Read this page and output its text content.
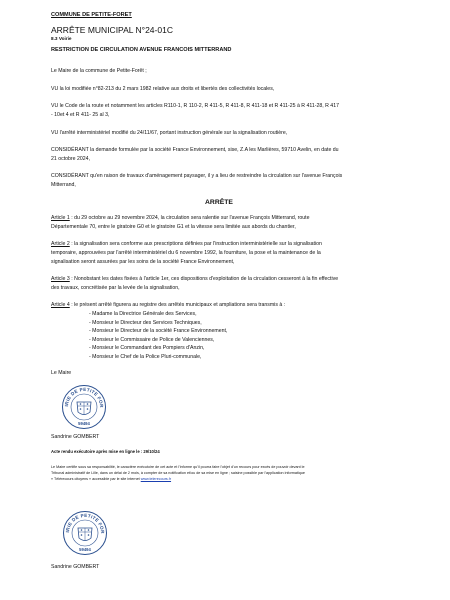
COMMUNE DE PETITE-FORET
ARRÊTE MUNICIPAL N°24-01C
8.3 Voirie
RESTRICTION DE CIRCULATION AVENUE FRANCOIS MITTERRAND
Le Maire de la commune de Petite-Forêt ;
VU la loi modifiée n°82-213 du 2 mars 1982 relative aux droits et libertés des collectivités locales,
VU le Code de la route et notamment les articles R110-1, R 110-2, R 411-5, R 411-8, R 411-18 et R 411-25 à R 411-28, R 417
- 10et 4 et R 411- 25 al 3,
VU l'arrêté interministériel modifié du 24/11/67, portant instruction générale sur la signalisation routière,
CONSIDÉRANT la demande formulée par la société France Environnement, sise, Z.A les Marlières, 59710 Avelin, en date du
21 octobre 2024,
CONSIDÉRANT qu'en raison de travaux d'aménagement paysager, il y a lieu de restreindre la circulation sur l'avenue François
Mitterrand,
ARRÊTE
Article 1 : du 29 octobre au 29 novembre 2024, la circulation sera ralentie sur l'avenue François Mitterrand, route
Départementale 70, entre le giratoire G0 et le giratoire G1 et la vitesse sera limitée aux abords du chantier,
Article 2 : la signalisation sera conforme aux prescriptions définies par l'instruction interministérielle sur la signalisation
temporaire, approuvées par l'arrêté interministériel du 6 novembre 1992, la fourniture, la pose et la maintenance de la
signalisation seront assurées par les soins de la société France Environnement,
Article 3 : Nonobstant les dates fixées à l'article 1er, ces dispositions d'exploitation de la circulation cesseront à la fin effective
des travaux, concrétisée par la levée de la signalisation,
Article 4 : le présent arrêté figurera au registre des arrêtés municipaux et ampliations sera transmis à :
- Madame la Directrice Générale des Services,
- Monsieur le Directeur des Services Techniques,
- Monsieur le Directeur de la société France Environnement,
- Monsieur le Commissaire de Police de Valenciennes,
- Monsieur le Commandant des Pompiers d'Anzin,
- Monsieur le Chef de la Police Pluri-communale,
Le Maire
IRIE DE PETITE FOR
59494
Sandrine GOMBERT
Acte rendu exécutoire après mise en ligne le : 29/10/24
Le Maire certifie sous sa responsabilité, le caractère exécutoire de cet acte et l'informe qu'il pourra faire l'objet d'un recours pour excès de pouvoir devant le
Tribunal administratif de Lille, dans un délai de 2 mois, à compter de sa notification et/ou de sa mise en ligne ; saisine possible par l'application informatique
« Télérecours citoyens » accessible par le site internet www.telerecours.fr
IRIE DE PETITE FOR
59494
Sandrine GOMBERT
